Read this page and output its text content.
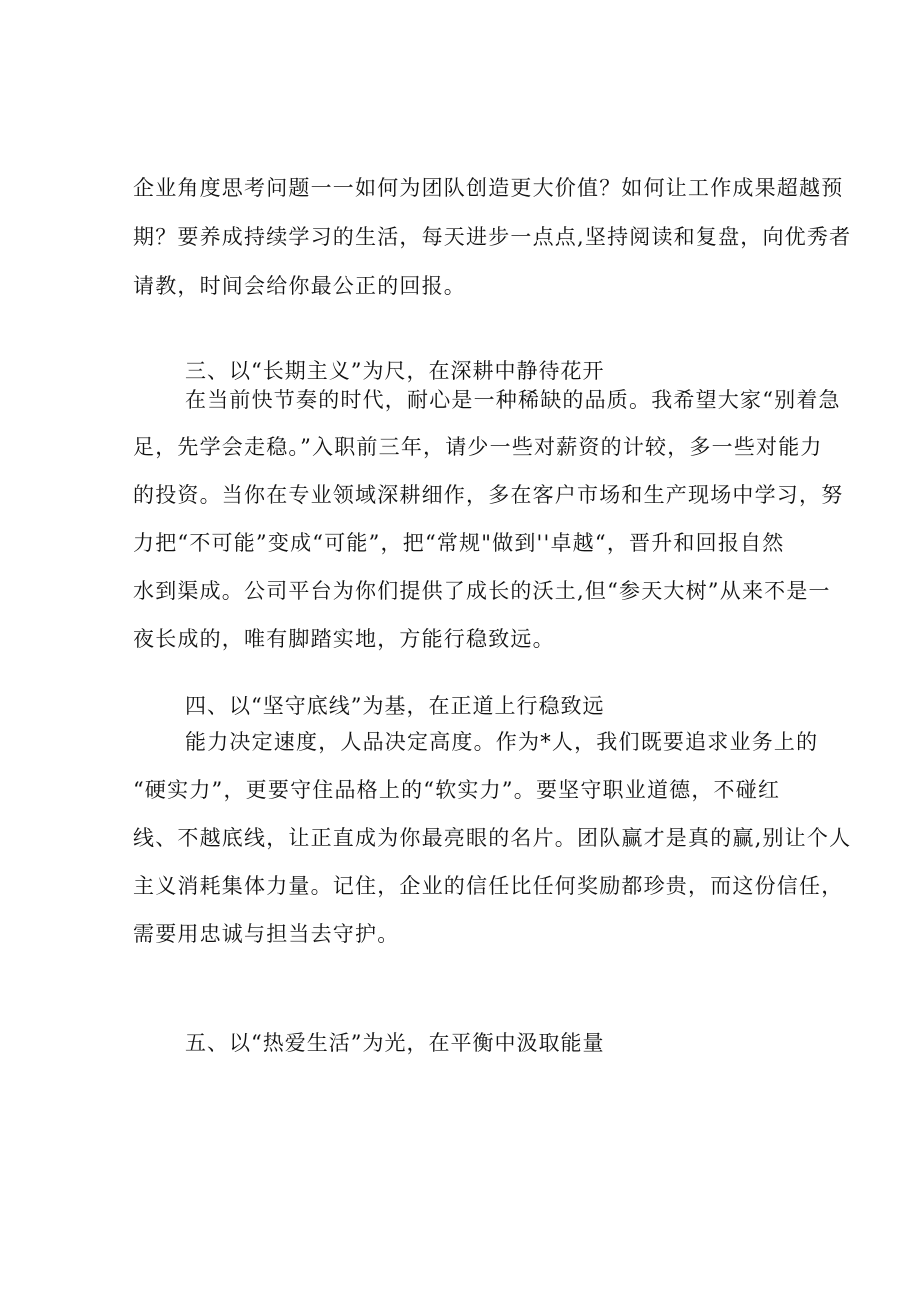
企业角度思考问题一一如何为团队创造更大价值？如何让工作成果超越预
期？要养成持续学习的生活，每天进步一点点,坚持阅读和复盘，向优秀者
请教，时间会给你最公正的回报。
三、以“长期主义”为尺，在深耕中静待花开
在当前快节奏的时代，耐心是一种稀缺的品质。我希望大家“别着急
足，先学会走稳。”入职前三年，请少一些对薪资的计较，多一些对能力
的投资。当你在专业领域深耕细作，多在客户市场和生产现场中学习，努
力把“不可能”变成“可能”，把“常规"做到''卓越“，晋升和回报自然
水到渠成。公司平台为你们提供了成长的沃土,但“参天大树”从来不是一
夜长成的，唯有脚踏实地，方能行稳致远。
四、以“坚守底线”为基，在正道上行稳致远
能力决定速度，人品决定高度。作为*人，我们既要追求业务上的
“硬实力”，更要守住品格上的“软实力”。要坚守职业道德，不碰红
线、不越底线，让正直成为你最亮眼的名片。团队赢才是真的赢,别让个人
主义消耗集体力量。记住，企业的信任比任何奖励都珍贵，而这份信任，
需要用忠诚与担当去守护。
五、以“热爱生活”为光，在平衡中汲取能量
